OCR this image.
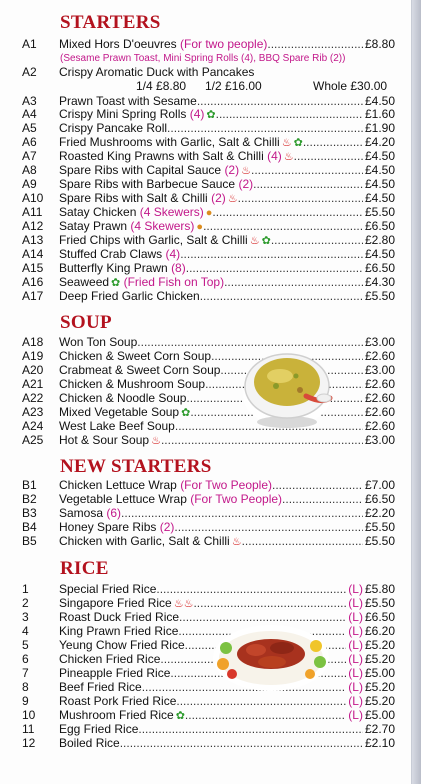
STARTERS
A1 Mixed Hors D'oeuvres
(For two people) .....	£8.80
(Sesame Prawn Toast, Mini Spring Rolls (4), BBQ Spare Rib (2))
A2 Crispy Aromatic Duck with Pancakes
1/4 £8.80 1/2 £16.00	Whole £30.00
A3 Prawn Toast with Sesame .....	£4.50
A4 Crispy Mini Spring Rolls
(4) ✿ .....	£1.60
A5 Crispy Pancake Roll .....	£1.90
A6 Fried Mushrooms with Garlic, Salt & Chilli ♨ ✿ .....	£4.20
A7 Roasted King Prawns with Salt & Chilli
(4) ♨ .....	£4.50
A8 Spare Ribs with Capital Sauce
(2) ♨ .....	£4.50
A9 Spare Ribs with Barbecue Sauce
(2) .....	£4.50
A10 Spare Ribs with Salt & Chilli
(2) ♨ .....	£4.50
A11 Satay Chicken
(4 Skewers) ● .....	£5.50
A12 Satay Prawn
(4 Skewers) ● .....	£6.50
A13 Fried Chips with Garlic, Salt & Chilli ♨ ✿ .....	£2.80
A14 Stuffed Crab Claws
(4) .....	£4.50
A15 Butterfly King Prawn
(8) .....	£6.50
A16 Seaweed ✿
(Fried Fish on Top) .....	£4.30
A17 Deep Fried Garlic Chicken .....	£5.50
SOUP
A18 Won Ton Soup .....	£3.00
A19 Chicken & Sweet Corn Soup .....	£2.60
A20 Crabmeat & Sweet Corn Soup .....	£3.00
A21 Chicken & Mushroom Soup .....	£2.60
A22 Chicken & Noodle Soup .....	£2.60
A23 Mixed Vegetable Soup ✿ .....	£2.60
A24 West Lake Beef Soup .....	£2.60
A25 Hot & Sour Soup ♨ .....	£3.00
NEW STARTERS
B1 Chicken Lettuce Wrap
(For Two People) .....	£7.00
B2 Vegetable Lettuce Wrap
(For Two People) .....	£6.50
B3 Samosa
(6) .....	£2.20
B4 Honey Spare Ribs
(2) .....	£5.50
B5 Chicken with Garlic, Salt & Chilli ♨ .....	£5.50
RICE
1	Special Fried Rice .....	(L) £5.80
2	Singapore Fried Rice ♨♨ .....	(L) £5.50
3	Roast Duck Fried Rice .....	(L) £6.50
4	King Prawn Fried Rice .....	(L) £6.20
5	Yeung Chow Fried Rice .....	(L) £5.20
6	Chicken Fried Rice .....	(L) £5.20
7	Pineapple Fried Rice .....	(L) £5.00
8	Beef Fried Rice .....	(L) £5.20
9	Roast Pork Fried Rice .....	(L) £5.20
10 Mushroom Fried Rice ✿ .....	(L) £5.00
11 Egg Fried Rice .....	£2.70
12 Boiled Rice .....	£2.10
